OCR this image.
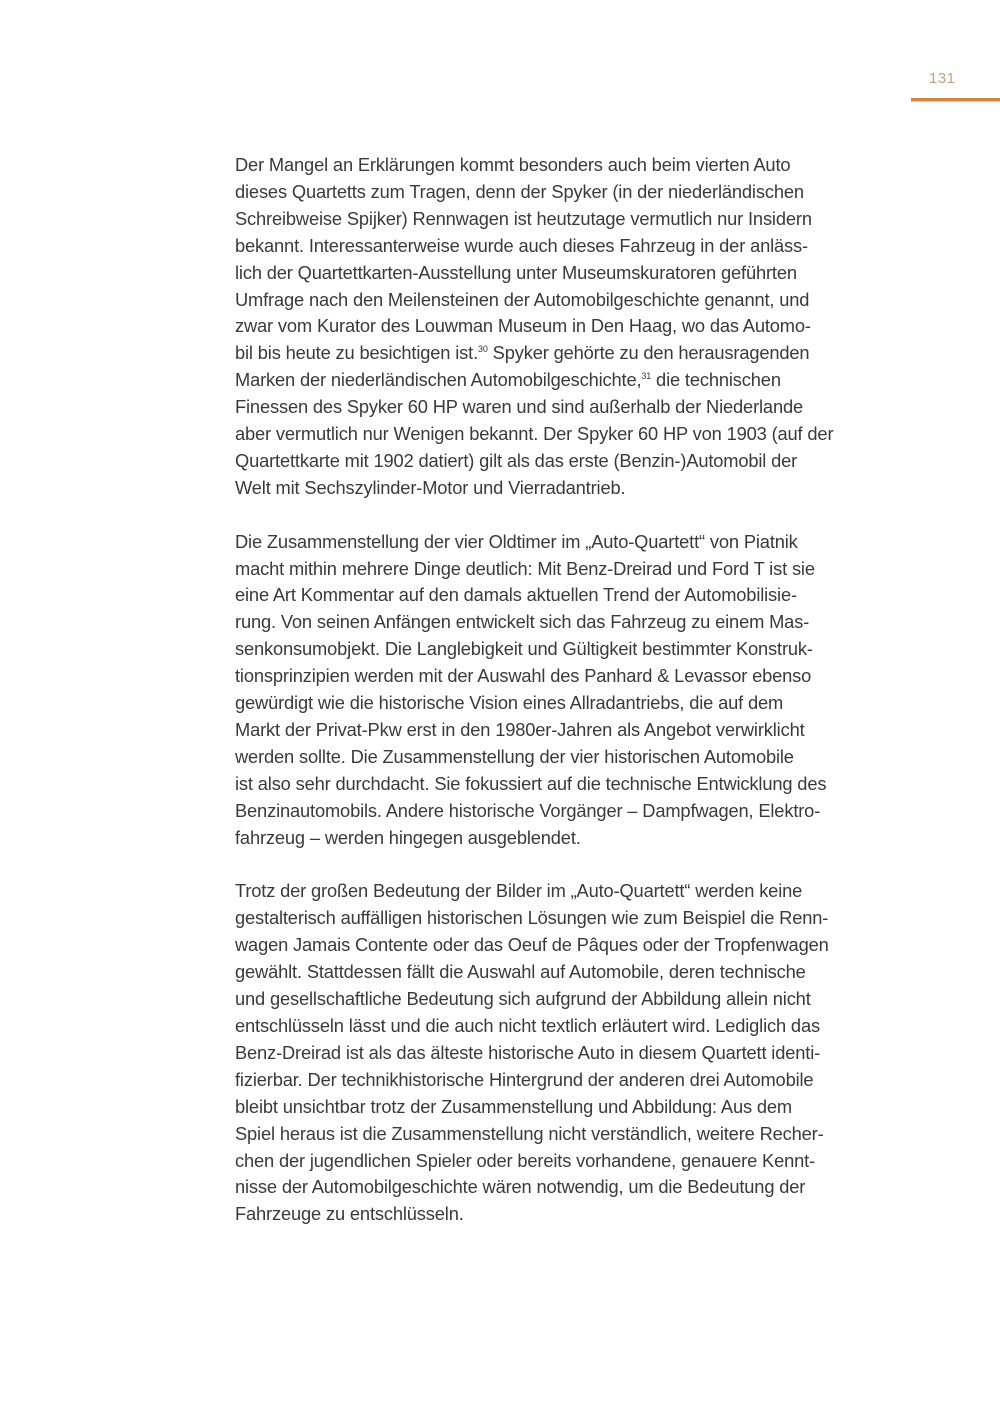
131

Der Mangel an Erklärungen kommt besonders auch beim vierten Auto
dieses Quartetts zum Tragen, denn der Spyker (in der niederländischen
Schreibweise Spijker) Rennwagen ist heutzutage vermutlich nur Insidern
bekannt. Interessanterweise wurde auch dieses Fahrzeug in der anläss-
lich der Quartettkarten-Ausstellung unter Museumskuratoren geführten
Umfrage nach den Meilensteinen der Automobilgeschichte genannt, und
zwar vom Kurator des Louwman Museum in Den Haag, wo das Automo-
bil bis heute zu besichtigen ist.$^{30}$ Spyker gehörte zu den herausragenden
Marken der niederländischen Automobilgeschichte,$^{31}$ die technischen
Finessen des Spyker 60 HP waren und sind außerhalb der Niederlande
aber vermutlich nur Wenigen bekannt. Der Spyker 60 HP von 1903 (auf der
Quartettkarte mit 1902 datiert) gilt als das erste (Benzin-)Automobil der
Welt mit Sechszylinder-Motor und Vierradantrieb.

Die Zusammenstellung der vier Oldtimer im „Auto-Quartett“ von Piatnik
macht mithin mehrere Dinge deutlich: Mit Benz-Dreirad und Ford T ist sie
eine Art Kommentar auf den damals aktuellen Trend der Automobilisie-
rung. Von seinen Anfängen entwickelt sich das Fahrzeug zu einem Mas-
senkonsumobjekt. Die Langlebigkeit und Gültigkeit bestimmter Konstruk-
tionsprinzipien werden mit der Auswahl des Panhard & Levassor ebenso
gewürdigt wie die historische Vision eines Allradantriebs, die auf dem
Markt der Privat-Pkw erst in den 1980er-Jahren als Angebot verwirklicht
werden sollte. Die Zusammenstellung der vier historischen Automobile
ist also sehr durchdacht. Sie fokussiert auf die technische Entwicklung des
Benzinautomobils. Andere historische Vorgänger – Dampfwagen, Elektro-
fahrzeug – werden hingegen ausgeblendet.

Trotz der großen Bedeutung der Bilder im „Auto-Quartett“ werden keine
gestalterisch auffälligen historischen Lösungen wie zum Beispiel die Renn-
wagen Jamais Contente oder das Oeuf de Pâques oder der Tropfenwagen
gewählt. Stattdessen fällt die Auswahl auf Automobile, deren technische
und gesellschaftliche Bedeutung sich aufgrund der Abbildung allein nicht
entschlüsseln lässt und die auch nicht textlich erläutert wird. Lediglich das
Benz-Dreirad ist als das älteste historische Auto in diesem Quartett identi-
fizierbar. Der technikhistorische Hintergrund der anderen drei Automobile
bleibt unsichtbar trotz der Zusammenstellung und Abbildung: Aus dem
Spiel heraus ist die Zusammenstellung nicht verständlich, weitere Recher-
chen der jugendlichen Spieler oder bereits vorhandene, genauere Kennt-
nisse der Automobilgeschichte wären notwendig, um die Bedeutung der
Fahrzeuge zu entschlüsseln.
